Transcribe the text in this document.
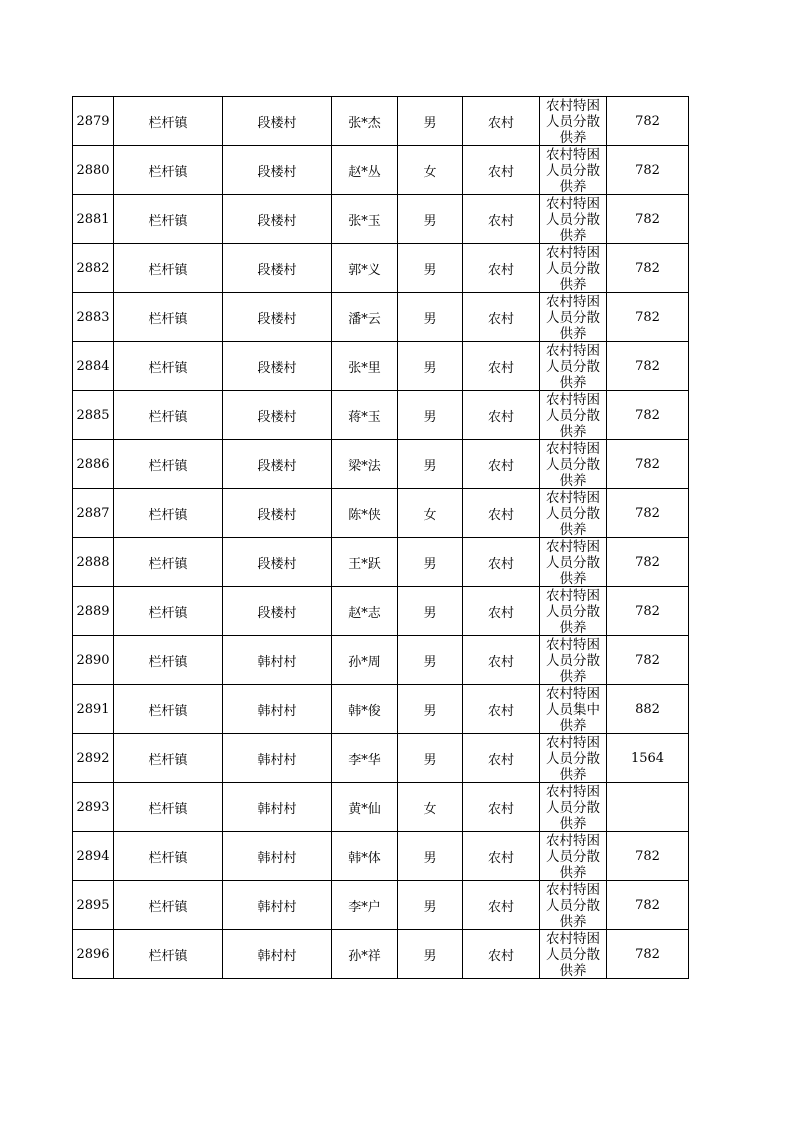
2879	栏杆镇	段楼村	张*杰	男	农村	农村特困
人员分散
供养	782
2880	栏杆镇	段楼村	赵*丛	女	农村	农村特困
人员分散
供养	782
2881	栏杆镇	段楼村	张*玉	男	农村	农村特困
人员分散
供养	782
2882	栏杆镇	段楼村	郭*义	男	农村	农村特困
人员分散
供养	782
2883	栏杆镇	段楼村	潘*云	男	农村	农村特困
人员分散
供养	782
2884	栏杆镇	段楼村	张*里	男	农村	农村特困
人员分散
供养	782
2885	栏杆镇	段楼村	蒋*玉	男	农村	农村特困
人员分散
供养	782
2886	栏杆镇	段楼村	梁*法	男	农村	农村特困
人员分散
供养	782
2887	栏杆镇	段楼村	陈*侠	女	农村	农村特困
人员分散
供养	782
2888	栏杆镇	段楼村	王*跃	男	农村	农村特困
人员分散
供养	782
2889	栏杆镇	段楼村	赵*志	男	农村	农村特困
人员分散
供养	782
2890	栏杆镇	韩村村	孙*周	男	农村	农村特困
人员分散
供养	782
2891	栏杆镇	韩村村	韩*俊	男	农村	农村特困
人员集中
供养	882
2892	栏杆镇	韩村村	李*华	男	农村	农村特困
人员分散
供养	1564
2893	栏杆镇	韩村村	黄*仙	女	农村	农村特困
人员分散
供养	

2894	栏杆镇	韩村村	韩*体	男	农村	农村特困
人员分散
供养	782
2895	栏杆镇	韩村村	李*户	男	农村	农村特困
人员分散
供养	782
2896	栏杆镇	韩村村	孙*祥	男	农村	农村特困
人员分散
供养	782
